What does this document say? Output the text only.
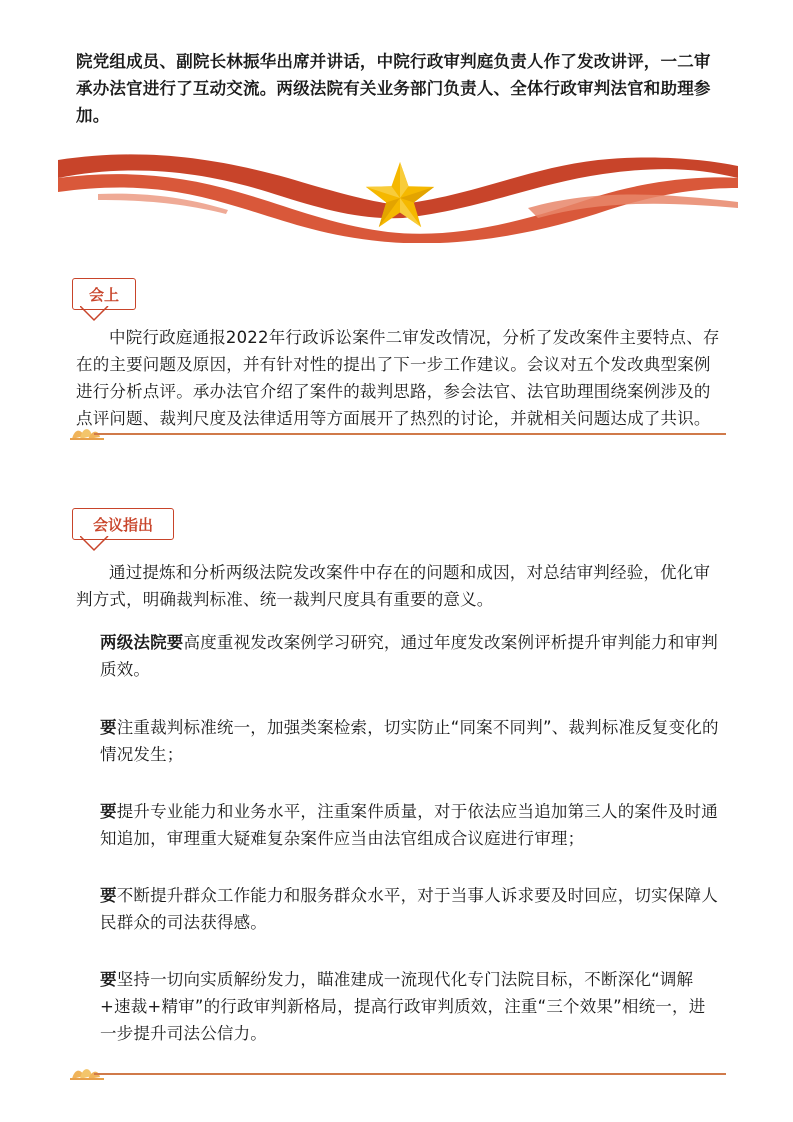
院党组成员、副院长林振华出席并讲话，中院行政审判庭负责人作了发改讲评，一二审承办法官进行了互动交流。两级法院有关业务部门负责人、全体行政审判法官和助理参加。

会上

中院行政庭通报2022年行政诉讼案件二审发改情况，分析了发改案件主要特点、存在的主要问题及原因，并有针对性的提出了下一步工作建议。会议对五个发改典型案例进行分析点评。承办法官介绍了案件的裁判思路，参会法官、法官助理围绕案例涉及的点评问题、裁判尺度及法律适用等方面展开了热烈的讨论，并就相关问题达成了共识。

会议指出

通过提炼和分析两级法院发改案件中存在的问题和成因，对总结审判经验，优化审判方式，明确裁判标准、统一裁判尺度具有重要的意义。

两级法院要高度重视发改案例学习研究，通过年度发改案例评析提升审判能力和审判质效。

要注重裁判标准统一，加强类案检索，切实防止“同案不同判”、裁判标准反复变化的情况发生；

要提升专业能力和业务水平，注重案件质量，对于依法应当追加第三人的案件及时通知追加，审理重大疑难复杂案件应当由法官组成合议庭进行审理；

要不断提升群众工作能力和服务群众水平，对于当事人诉求要及时回应，切实保障人民群众的司法获得感。

要坚持一切向实质解纷发力，瞄准建成一流现代化专门法院目标，不断深化“调解+速裁+精审”的行政审判新格局，提高行政审判质效，注重“三个效果”相统一，进一步提升司法公信力。
